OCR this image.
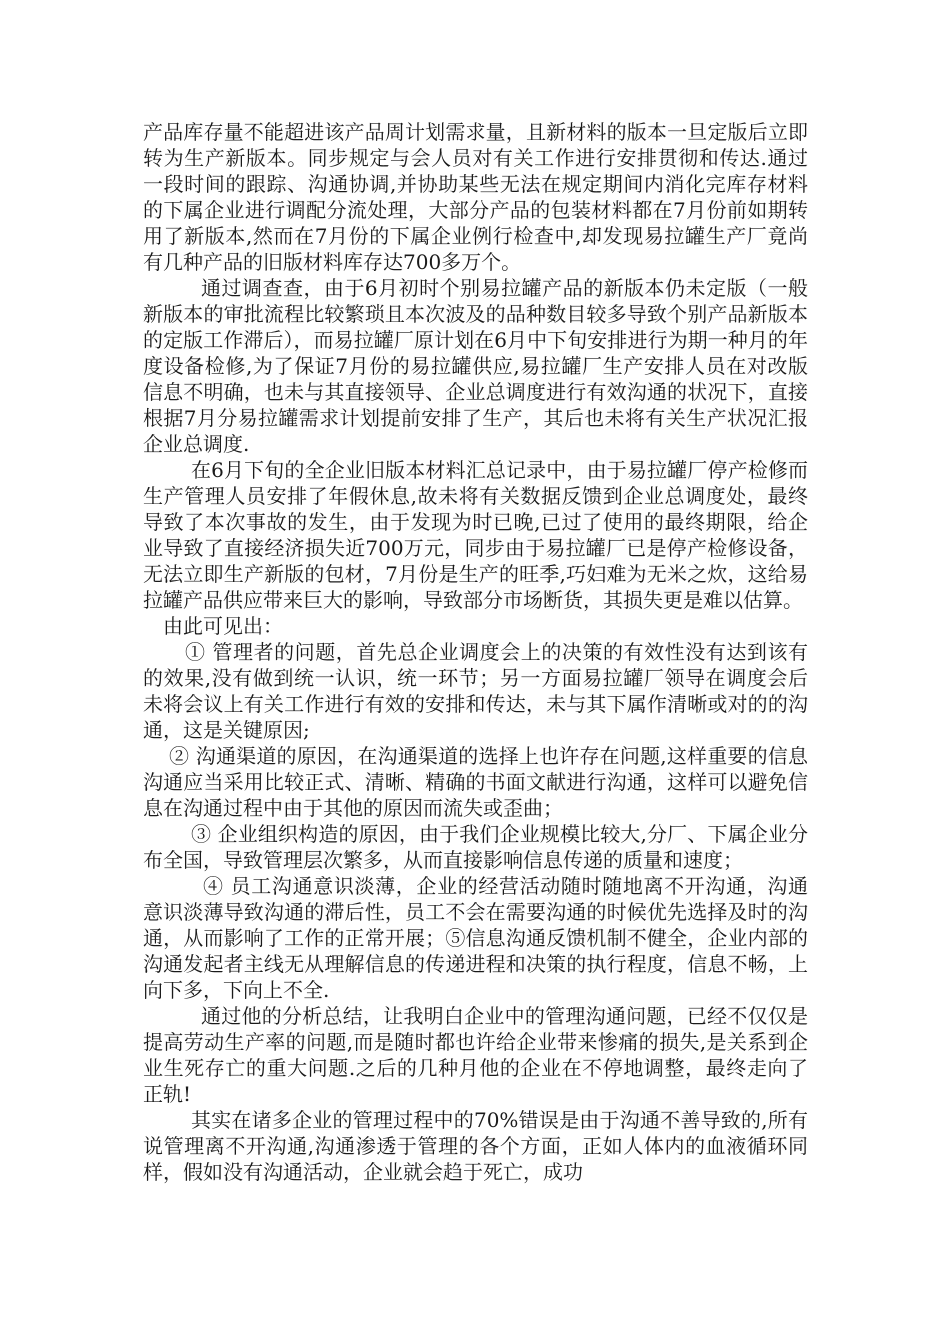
产品库存量不能超进该产品周计划需求量，且新材料的版本一旦定版后立即转为生产新版本。同步规定与会人员对有关工作进行安排贯彻和传达.通过一段时间的跟踪、沟通协调,并协助某些无法在规定期间内消化完库存材料的下属企业进行调配分流处理，大部分产品的包装材料都在7月份前如期转用了新版本,然而在7月份的下属企业例行检查中,却发现易拉罐生产厂竟尚有几种产品的旧版材料库存达700多万个。

通过调查查，由于6月初时个别易拉罐产品的新版本仍未定版（一般新版本的审批流程比较繁琐且本次波及的品种数目较多导致个别产品新版本的定版工作滞后），而易拉罐厂原计划在6月中下旬安排进行为期一种月的年度设备检修,为了保证7月份的易拉罐供应,易拉罐厂生产安排人员在对改版信息不明确，也未与其直接领导、企业总调度进行有效沟通的状况下，直接根据7月分易拉罐需求计划提前安排了生产，其后也未将有关生产状况汇报企业总调度.

在6月下旬的全企业旧版本材料汇总记录中，由于易拉罐厂停产检修而生产管理人员安排了年假休息,故未将有关数据反馈到企业总调度处，最终导致了本次事故的发生，由于发现为时已晚,已过了使用的最终期限，给企业导致了直接经济损失近700万元，同步由于易拉罐厂已是停产检修设备，无法立即生产新版的包材，7月份是生产的旺季,巧妇难为无米之炊，这给易拉罐产品供应带来巨大的影响，导致部分市场断货，其损失更是难以估算。

由此可见出：

① 管理者的问题，首先总企业调度会上的决策的有效性没有达到该有的效果,没有做到统一认识，统一环节；另一方面易拉罐厂领导在调度会后未将会议上有关工作进行有效的安排和传达，未与其下属作清晰或对的的沟通，这是关键原因;

② 沟通渠道的原因，在沟通渠道的选择上也许存在问题,这样重要的信息沟通应当采用比较正式、清晰、精确的书面文献进行沟通，这样可以避免信息在沟通过程中由于其他的原因而流失或歪曲；

③ 企业组织构造的原因，由于我们企业规模比较大,分厂、下属企业分布全国，导致管理层次繁多，从而直接影响信息传递的质量和速度；

④ 员工沟通意识淡薄，企业的经营活动随时随地离不开沟通，沟通意识淡薄导致沟通的滞后性，员工不会在需要沟通的时候优先选择及时的沟通，从而影响了工作的正常开展；⑤信息沟通反馈机制不健全，企业内部的沟通发起者主线无从理解信息的传递进程和决策的执行程度，信息不畅，上向下多，下向上不全.

通过他的分析总结，让我明白企业中的管理沟通问题，已经不仅仅是提高劳动生产率的问题,而是随时都也许给企业带来惨痛的损失,是关系到企业生死存亡的重大问题.之后的几种月他的企业在不停地调整，最终走向了正轨!

其实在诸多企业的管理过程中的70%错误是由于沟通不善导致的,所有说管理离不开沟通,沟通渗透于管理的各个方面，正如人体内的血液循环同样，假如没有沟通活动，企业就会趋于死亡，成功
